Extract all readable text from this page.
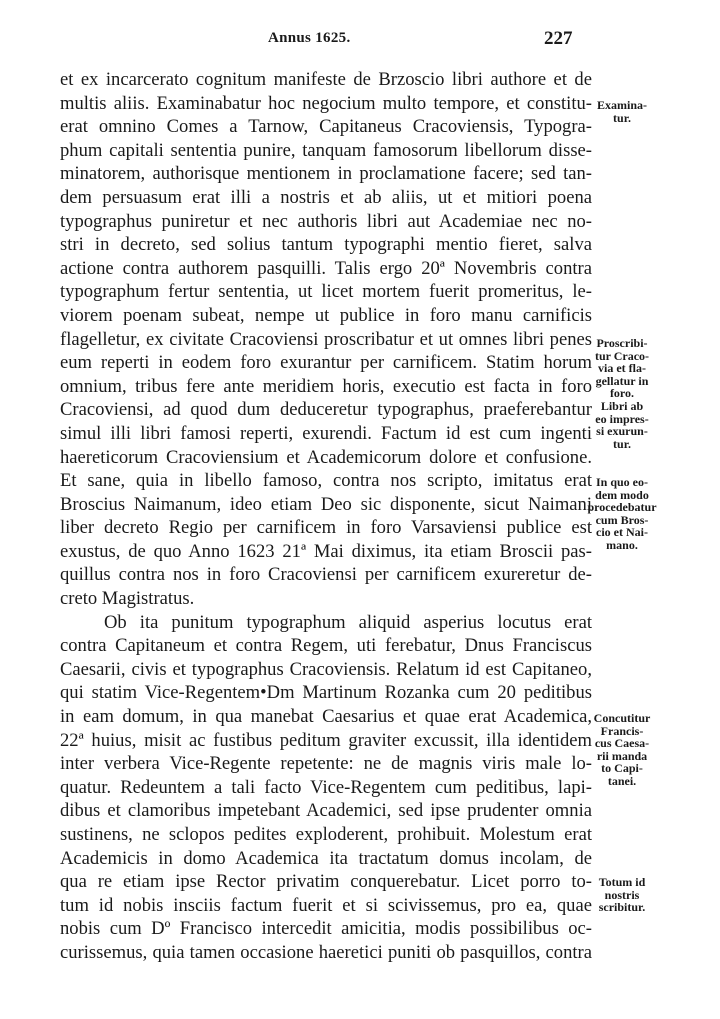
Annus 1625.	227
et ex incarcerato cognitum manifeste de Brzoscio libri authore et de
multis aliis. Examinabatur hoc negocium multo tempore, et constitu-
erat omnino Comes a Tarnow, Capitaneus Cracoviensis, Typogra-
phum capitali sententia punire, tanquam famosorum libellorum disse-
minatorem, authorisque mentionem in proclamatione facere; sed tan-
dem persuasum erat illi a nostris et ab aliis, ut et mitiori poena
typographus puniretur et nec authoris libri aut Academiae nec no-
stri in decreto, sed solius tantum typographi mentio fieret, salva
actione contra authorem pasquilli. Talis ergo 20ª Novembris contra
typographum fertur sententia, ut licet mortem fuerit promeritus, le-
viorem poenam subeat, nempe ut publice in foro manu carnificis
flagelletur, ex civitate Cracoviensi proscribatur et ut omnes libri penes
eum reperti in eodem foro exurantur per carnificem. Statim horum
omnium, tribus fere ante meridiem horis, executio est facta in foro
Cracoviensi, ad quod dum deduceretur typographus, praeferebantur
simul illi libri famosi reperti, exurendi. Factum id est cum ingenti
haereticorum Cracoviensium et Academicorum dolore et confusione.
Et sane, quia in libello famoso, contra nos scripto, imitatus erat
Broscius Naimanum, ideo etiam Deo sic disponente, sicut Naimani
liber decreto Regio per carnificem in foro Varsaviensi publice est
exustus, de quo Anno 1623 21ª Mai diximus, ita etiam Broscii pas-
quillus contra nos in foro Cracoviensi per carnificem exureretur de-
creto Magistratus.
Ob ita punitum typographum aliquid asperius locutus erat
contra Capitaneum et contra Regem, uti ferebatur, Dnus Franciscus
Caesarii, civis et typographus Cracoviensis. Relatum id est Capitaneo,
qui statim Vice-Regentem•Dm Martinum Rozanka cum 20 peditibus
in eam domum, in qua manebat Caesarius et quae erat Academica,
22ª huius, misit ac fustibus peditum graviter excussit, illa identidem
inter verbera Vice-Regente repetente: ne de magnis viris male lo-
quatur. Redeuntem a tali facto Vice-Regentem cum peditibus, lapi-
dibus et clamoribus impetebant Academici, sed ipse prudenter omnia
sustinens, ne sclopos pedites exploderent, prohibuit. Molestum erat
Academicis in domo Academica ita tractatum domus incolam, de
qua re etiam ipse Rector privatim conquerebatur. Licet porro to-
tum id nobis insciis factum fuerit et si scivissemus, pro ea, quae
nobis cum Dº Francisco intercedit amicitia, modis possibilibus oc-
curissemus, quia tamen occasione haeretici puniti ob pasquillos, contra
Examina-
tur.
Proscribi-
tur Craco-
via et fla-
gellatur in
foro.
Libri ab
eo impres-
si exurun-
tur.
In quo eo-
dem modo
procedebatur
cum Bros-
cio et Nai-
mano.
Concutitur
Francis-
cus Caesa-
rii manda
to Capi-
tanei.
Totum id
nostris
scribitur.
